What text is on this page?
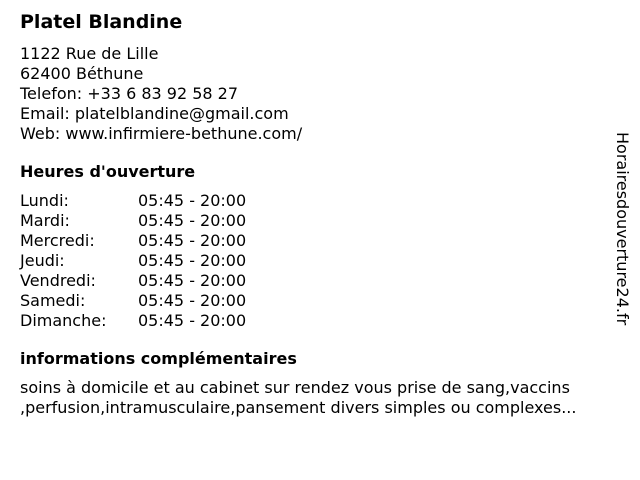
Platel Blandine
1122 Rue de Lille
62400 Béthune
Telefon: +33 6 83 92 58 27
Email: platelblandine@gmail.com
Web: www.infirmiere-bethune.com/
Heures d'ouverture
Lundi:	05:45 - 20:00
Mardi:	05:45 - 20:00
Mercredi:	05:45 - 20:00
Jeudi:	05:45 - 20:00
Vendredi:	05:45 - 20:00
Samedi:	05:45 - 20:00
Dimanche:	05:45 - 20:00
informations complémentaires
soins à domicile et au cabinet sur rendez vous prise de sang,vaccins ,perfusion,intramusculaire,pansement divers simples ou complexes...
Horairesdouverture24.fr
